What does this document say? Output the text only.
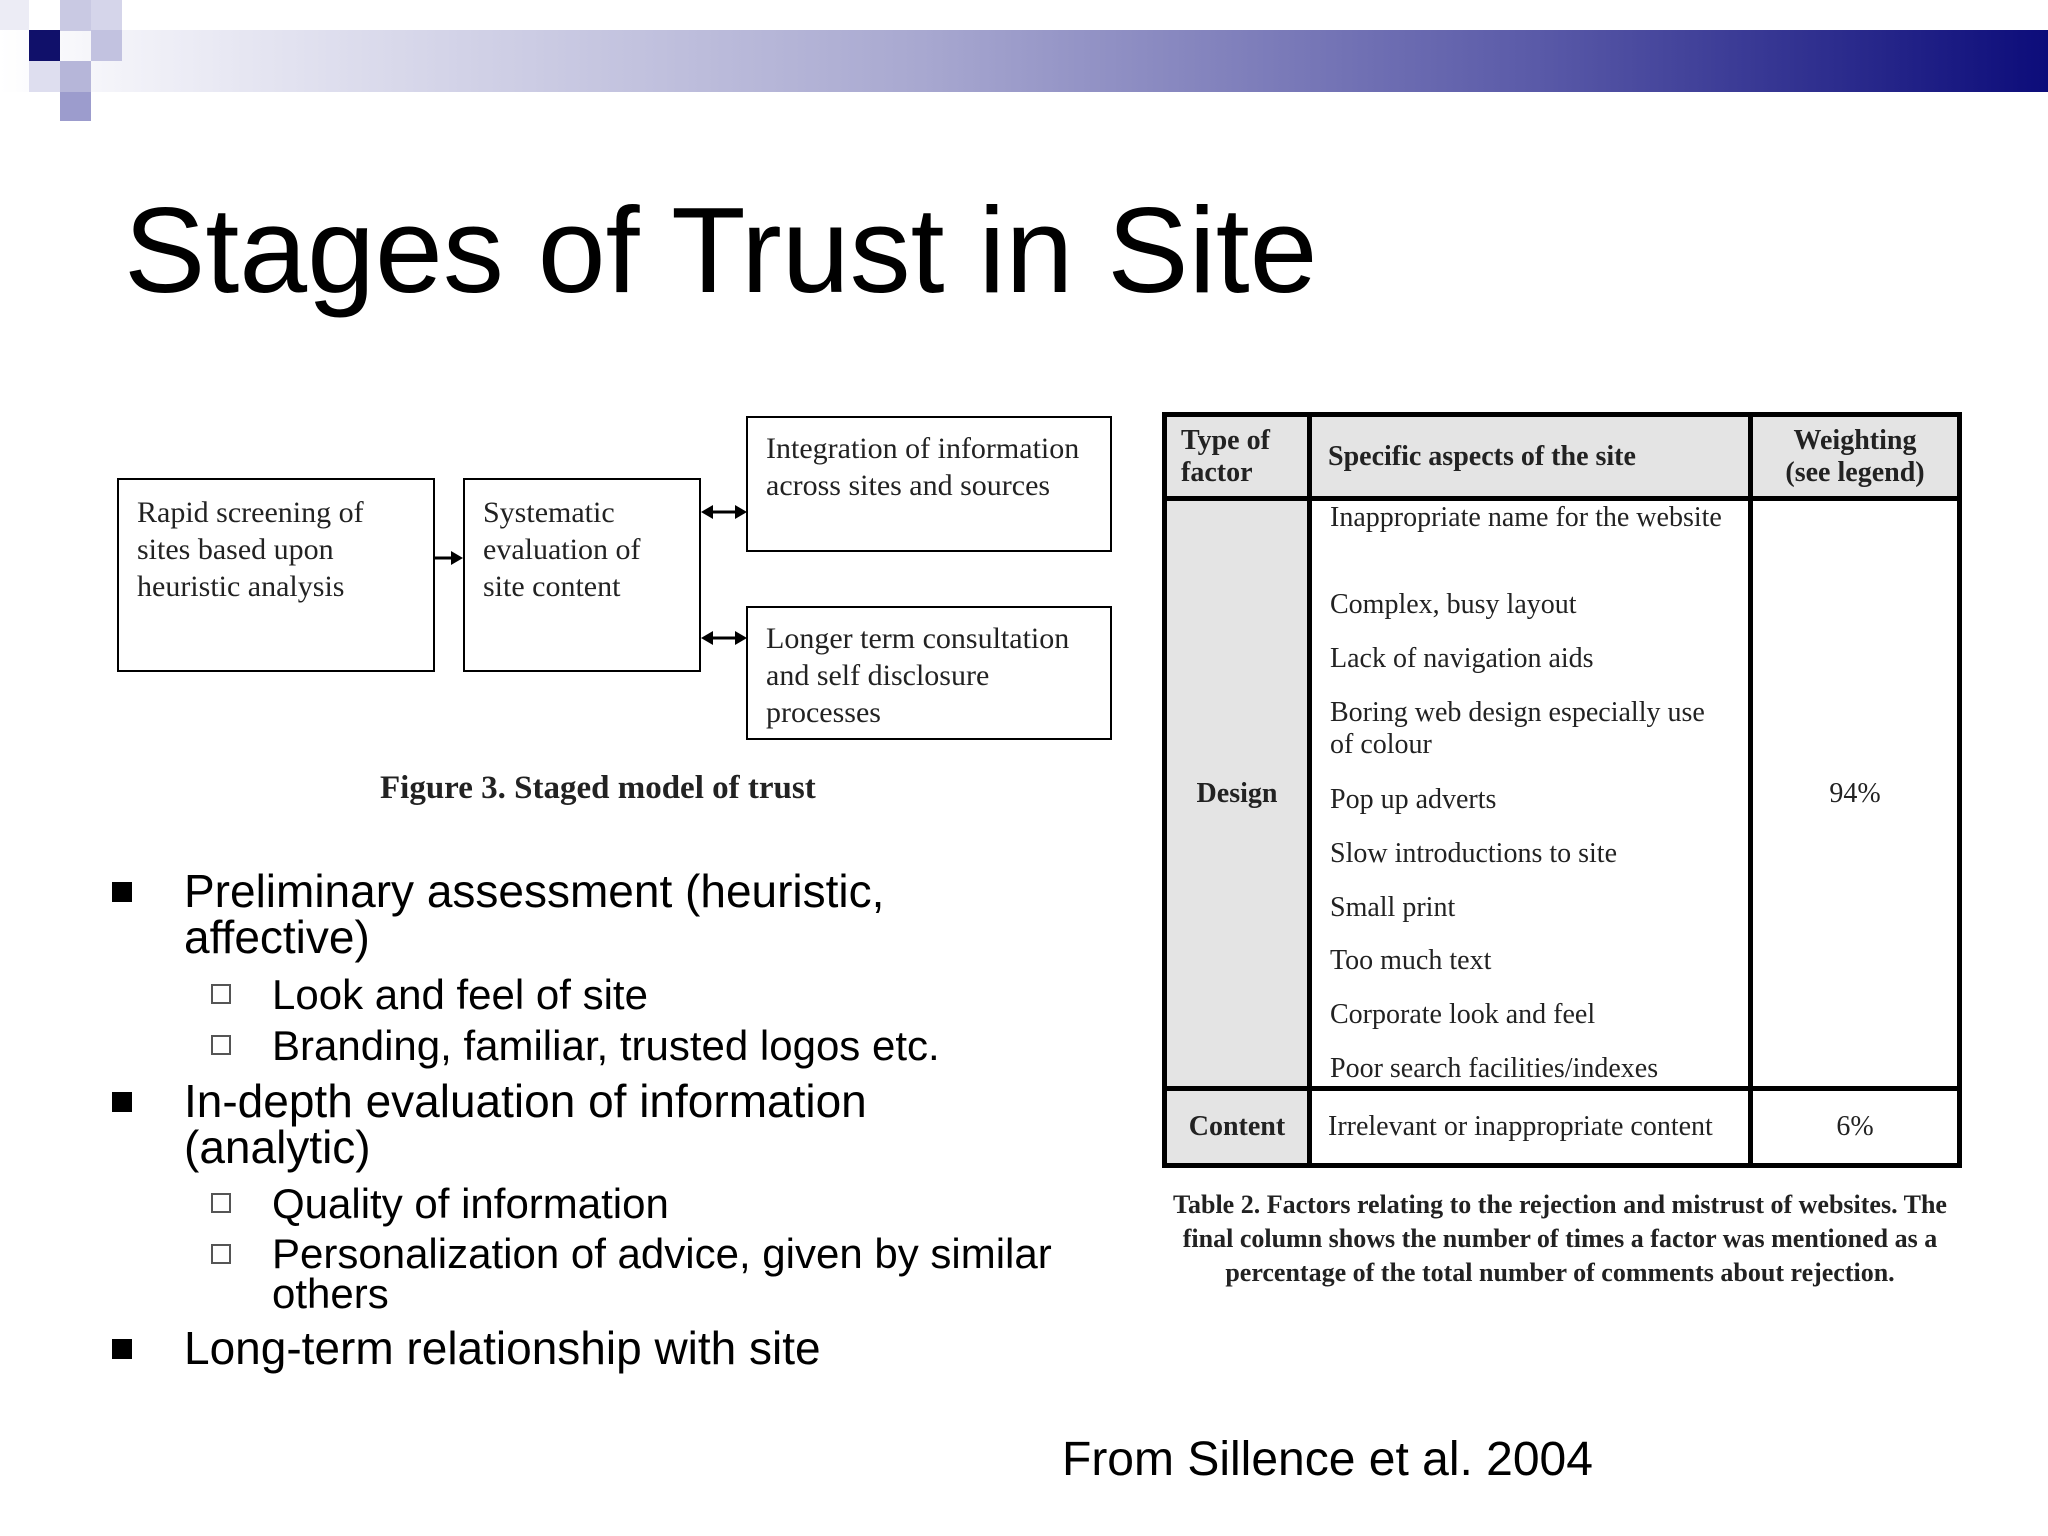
Stages of Trust in Site
Rapid screening of sites based upon heuristic analysis
Systematic evaluation of site content
Integration of information across sites and sources
Longer term consultation and self disclosure processes
Figure 3. Staged model of trust
Preliminary assessment (heuristic, affective)
Look and feel of site
Branding, familiar, trusted logos etc.
In-depth evaluation of information (analytic)
Quality of information
Personalization of advice, given by similar others
Long-term relationship with site
Type of factor
Specific aspects of the site
Weighting (see legend)
Design	94%
Content Irrelevant or inappropriate content	6%
Inappropriate name for the website
Complex, busy layout
Lack of navigation aids
Boring web design especially use of colour
Pop up adverts
Slow introductions to site
Small print
Too much text
Corporate look and feel
Poor search facilities/indexes
Table 2. Factors relating to the rejection and mistrust of websites. The final column shows the number of times a factor was mentioned as a percentage of the total number of comments about rejection.
From Sillence et al. 2004
